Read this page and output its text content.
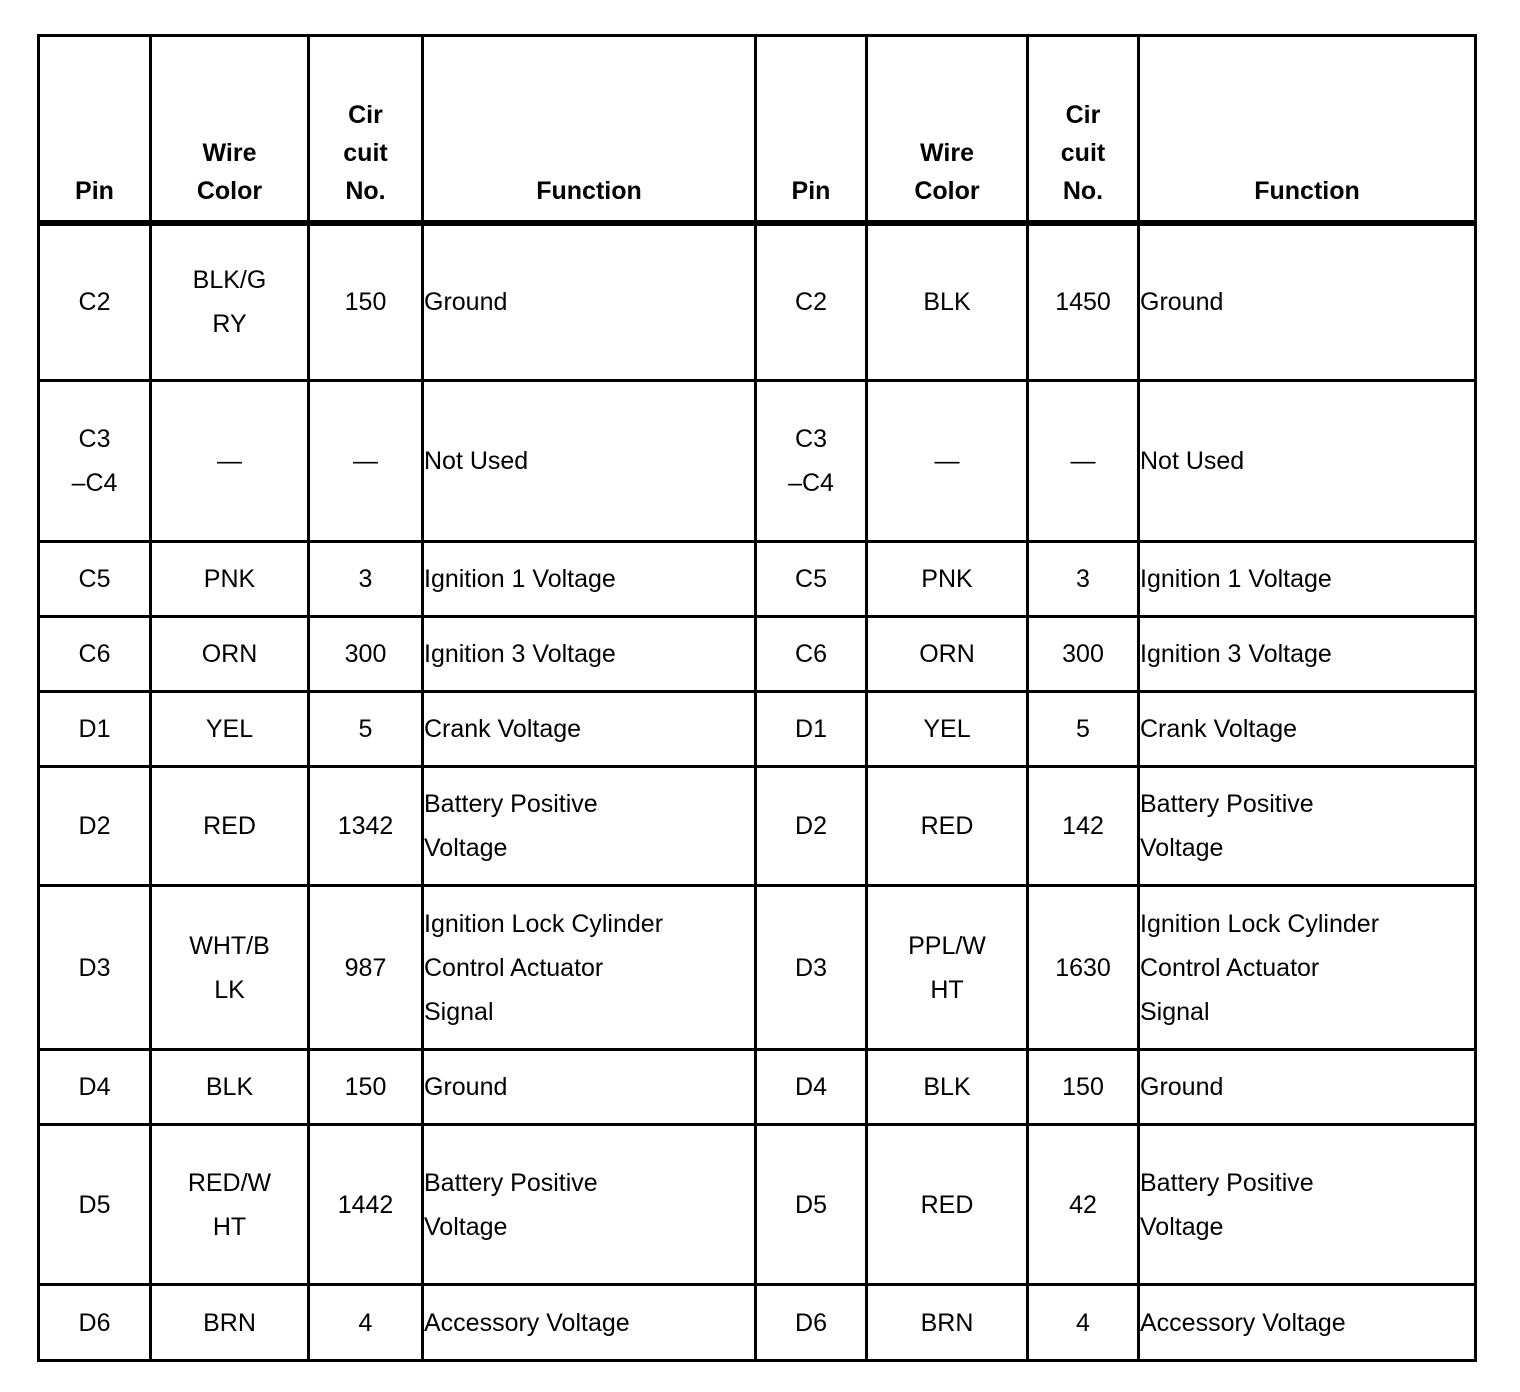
Pin	Wire
Color	Cir
cuit
No.	Function	Pin	Wire
Color	Cir
cuit
No.	Function
C2	BLK/GRY	150	Ground	C2	BLK	1450	Ground

C3–C4	—	—	Not Used	C3–C4	—	—	Not Used

C5	PNK	3	Ignition 1 Voltage	C5	PNK	3	Ignition 1 Voltage

C6	ORN	300	Ignition 3 Voltage	C6	ORN	300	Ignition 3 Voltage

D1	YEL	5	Crank Voltage	D1	YEL	5	Crank Voltage

D2	RED	1342	Battery Positive
Voltage	D2	RED	142	Battery Positive
Voltage

D3	WHT/BLK	987	Ignition Lock Cylinder
Control Actuator
Signal	D3	PPL/WHT	1630	Ignition Lock Cylinder
Control Actuator
Signal

D4	BLK	150	Ground	D4	BLK	150	Ground

D5	RED/WHT	1442	Battery Positive
Voltage	D5	RED	42	Battery Positive
Voltage

D6	BRN	4	Accessory Voltage	D6	BRN	4	Accessory Voltage
